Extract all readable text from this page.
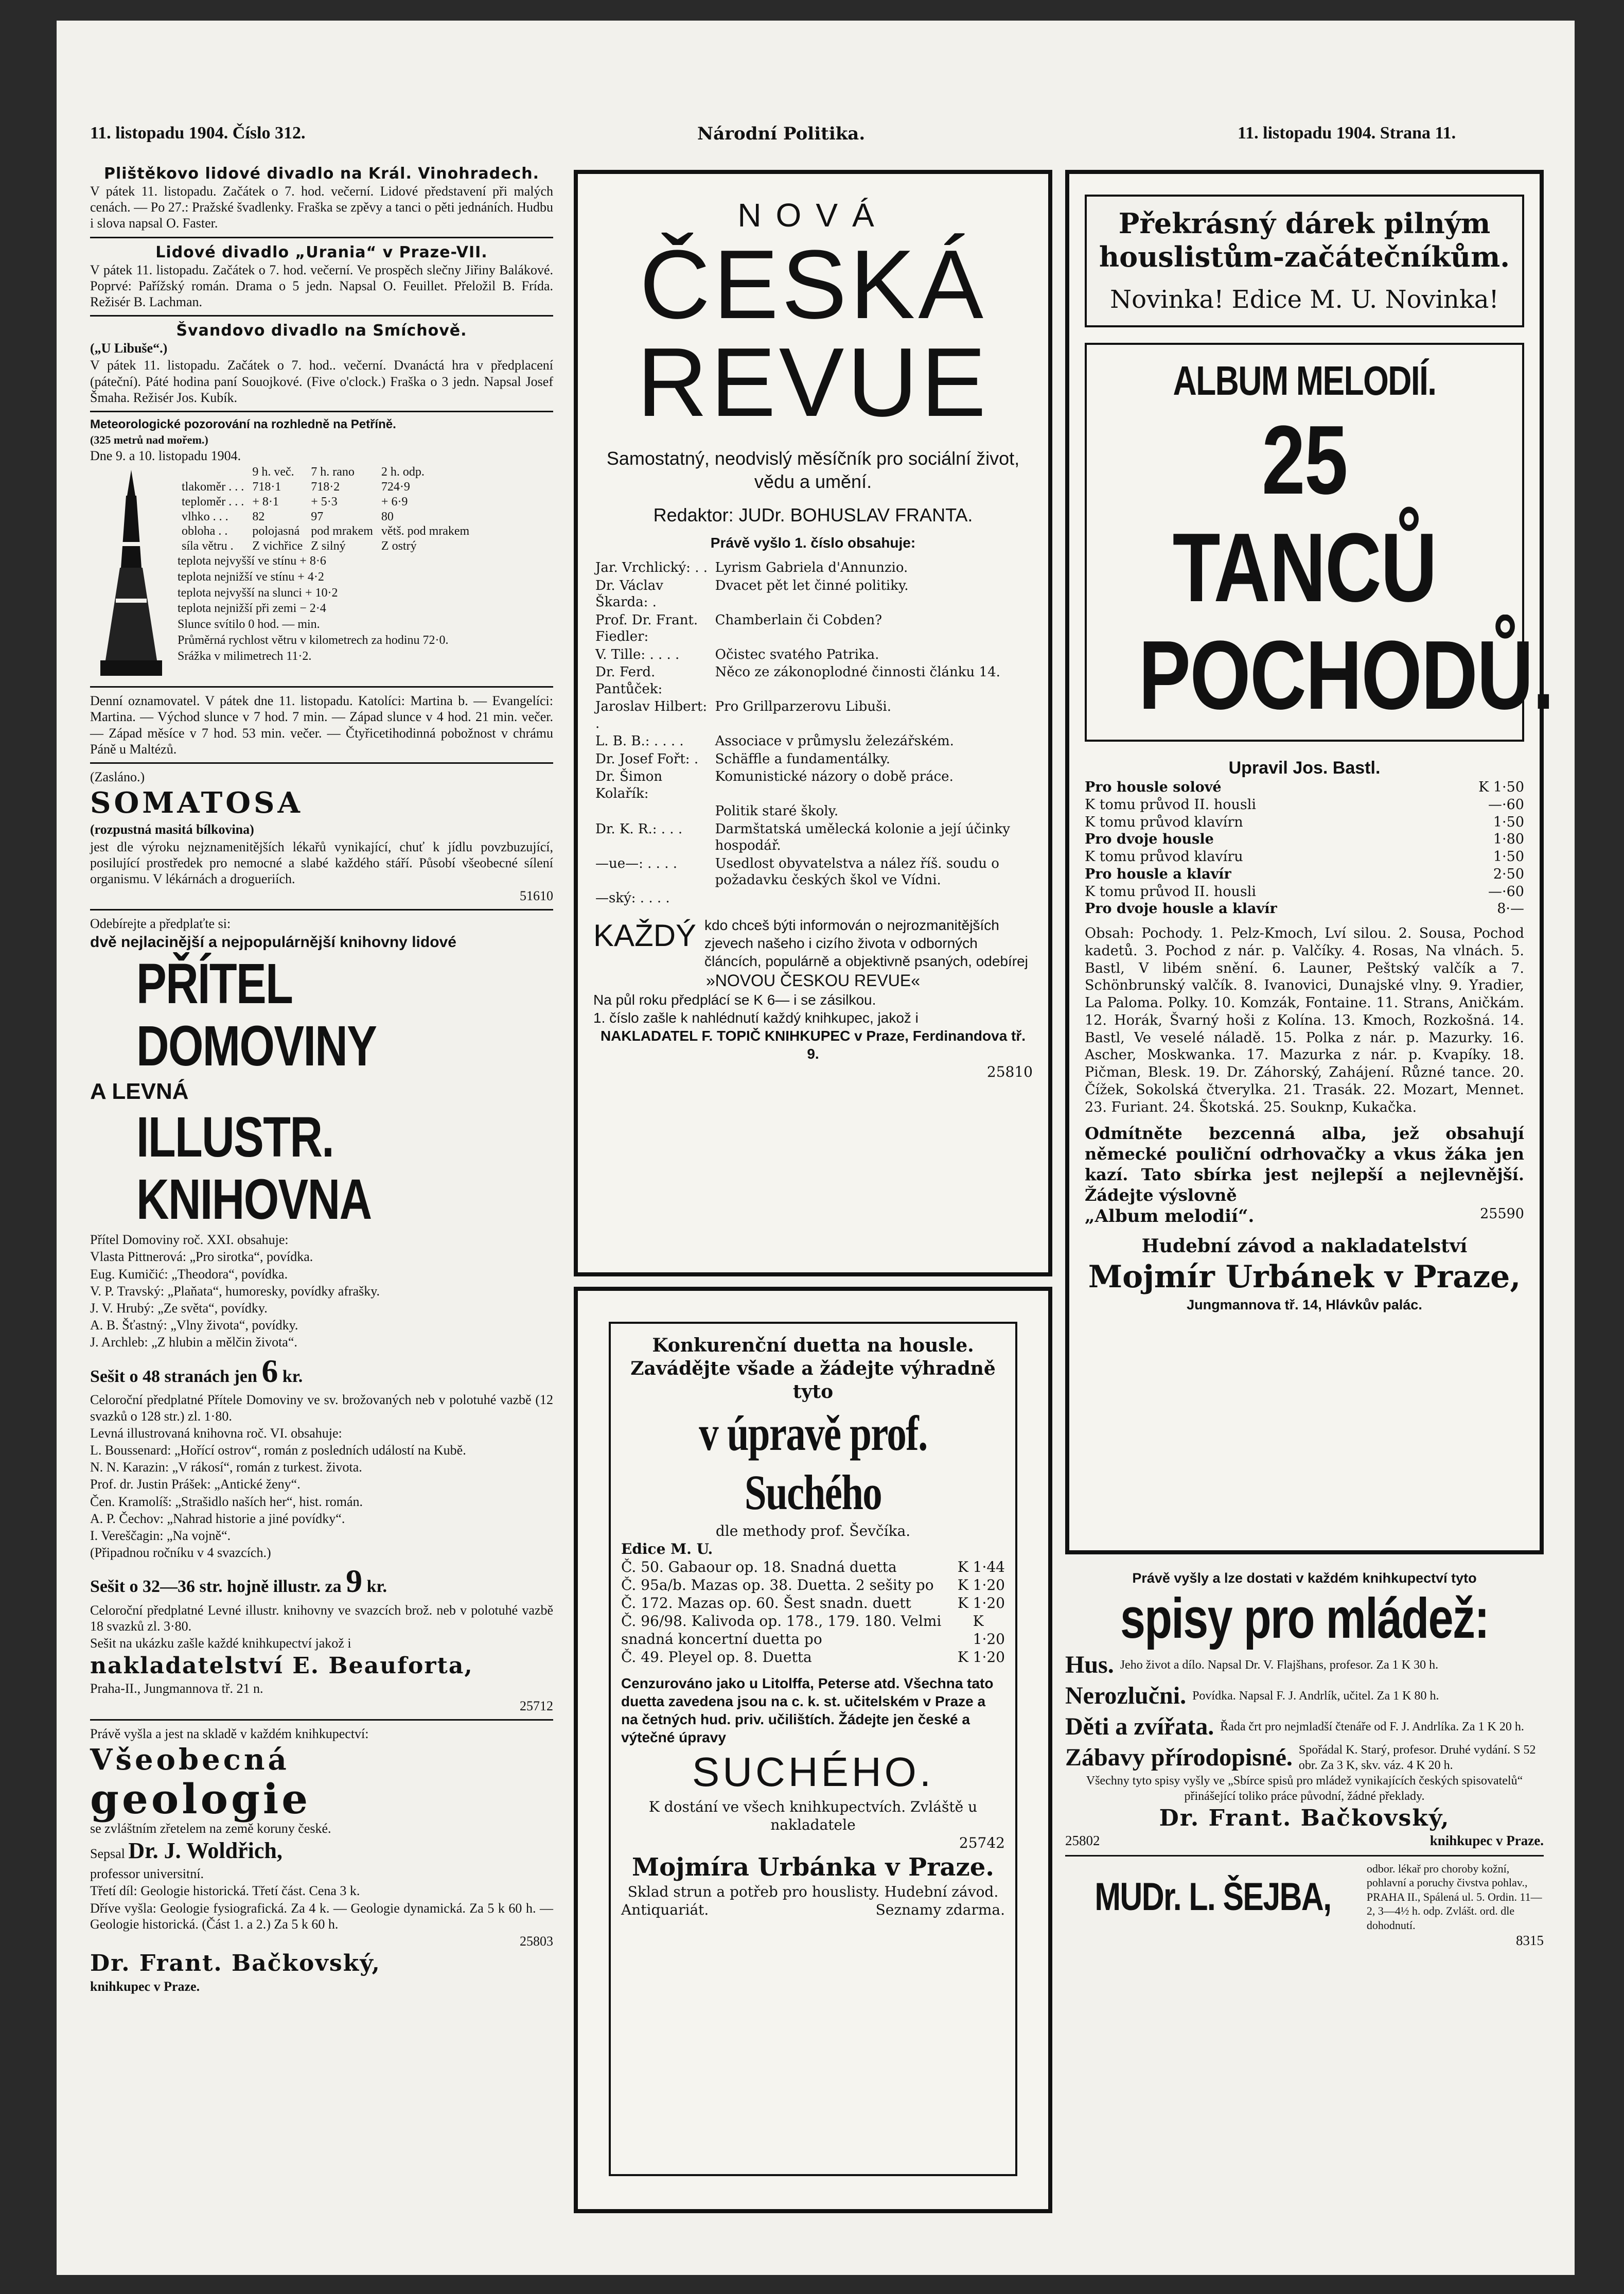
11. listopadu 1904. Číslo 312.	Národní Politika.	11. listopadu 1904. Strana 11.
Plištěkovo lidové divadlo na Král. Vinohradech.

V pátek 11. listopadu. Začátek o 7. hod. večerní. Lidové představení při malých cenách. — Po 27.: Pražské švadlenky. Fraška se zpěvy a tanci o pěti jednáních. Hudbu i slova napsal O. Faster.

Lidové divadlo „Urania“ v Praze-VII.

V pátek 11. listopadu. Začátek o 7. hod. večerní. Ve prospěch slečny Jiřiny Balákové. Poprvé: Pařížský román. Drama o 5 jedn. Napsal O. Feuillet. Přeložil B. Frída. Režisér B. Lachman.

Švandovo divadlo na Smíchově.

(„U Libuše“.)

V pátek 11. listopadu. Začátek o 7. hod.. večerní. Dvanáctá hra v předplacení (páteční). Páté hodina paní Souojkové. (Five o'clock.) Fraška o 3 jedn. Napsal Josef Šmaha. Režisér Jos. Kubík.

Meteorologické pozorování na rozhledně na Petříně.

(325 metrů nad mořem.)

Dne 9. a 10. listopadu 1904.

	9 h. več.	7 h. rano	2 h. odp.
tlakoměr . . .	718·1	718·2	724·9
teploměr . . .	+ 8·1	+ 5·3	+ 6·9
vlhko . . .	82	97	80
obloha . .	polojasná	pod mrakem	větš. pod mrakem
síla větru .	Z vichřice	Z silný	Z ostrý

teplota nejvyšší ve stínu + 8·6

teplota nejnižší ve stínu + 4·2

teplota nejvyšší na slunci + 10·2

teplota nejnižší při zemi − 2·4

Slunce svítilo 0 hod. — min.

Průměrná rychlost větru v kilometrech za hodinu 72·0.

Srážka v milimetrech 11·2.

Denní oznamovatel. V pátek dne 11. listopadu. Katolíci: Martina b. — Evangelíci: Martina. — Východ slunce v 7 hod. 7 min. — Západ slunce v 4 hod. 21 min. večer. — Západ měsíce v 7 hod. 53 min. večer. — Čtyřicetihodinná pobožnost v chrámu Páně u Maltézů.

(Zasláno.)

SOMATOSA

(rozpustná masitá bílkovina)

jest dle výroku nejznamenitějších lékařů vynikající, chuť k jídlu povzbuzující, posilující prostředek pro nemocné a slabé každého stáří. Působí všeobecné sílení organismu. V lékárnách a drogueriích.

51610

Odebírejte a předplaťte si:

dvě nejlacinější a nejpopulárnější knihovny lidové

PŘÍTEL DOMOVINY

A LEVNÁ

ILLUSTR. KNIHOVNA

Přítel Domoviny roč. XXI. obsahuje:

Vlasta Pittnerová: „Pro sirotka“, povídka.

Eug. Kumičić: „Theodora“, povídka.

V. P. Travský: „Plaňata“, humoresky, povídky afrašky.

J. V. Hrubý: „Ze světa“, povídky.

A. B. Šťastný: „Vlny života“, povídky.

J. Archleb: „Z hlubin a mělčin života“.

Sešit o 48 stranách jen 6 kr.

Celoroční předplatné Přítele Domoviny ve sv. brožovaných neb v polotuhé vazbě (12 svazků o 128 str.) zl. 1·80.

Levná illustrovaná knihovna roč. VI. obsahuje:

L. Boussenard: „Hořící ostrov“, román z posledních událostí na Kubě.

N. N. Karazin: „V rákosí“, román z turkest. života.

Prof. dr. Justin Prášek: „Antické ženy“.

Čen. Kramolíš: „Strašidlo naších her“, hist. román.

A. P. Čechov: „Nahrad historie a jiné povídky“.

I. Vereščagin: „Na vojně“.

(Připadnou ročníku v 4 svazcích.)

Sešit o 32—36 str. hojně illustr. za 9 kr.

Celoroční předplatné Levné illustr. knihovny ve svazcích brož. neb v polotuhé vazbě 18 svazků zl. 3·80.

Sešit na ukázku zašle každé knihkupectví jakož i

nakladatelství E. Beauforta,

Praha-II., Jungmannova tř. 21 n.

25712

Právě vyšla a jest na skladě v každém knihkupectví:

Všeobecná

geologie

se zvláštním zřetelem na země koruny české.

Sepsal Dr. J. Woldřich,

professor universitní.

Třetí díl: Geologie historická. Třetí část. Cena 3 k.

Dříve vyšla: Geologie fysiografická. Za 4 k. — Geologie dynamická. Za 5 k 60 h. — Geologie historická. (Část 1. a 2.) Za 5 k 60 h.

25803

Dr. Frant. Bačkovský,

knihkupec v Praze.

NOVÁ

ČESKÁ

REVUE

Samostatný, neodvislý měsíčník pro sociální život, vědu a umění.

Redaktor: JUDr. BOHUSLAV FRANTA.

Právě vyšlo 1. číslo obsahuje:

Jar. Vrchlický: . .	Lyrism Gabriela d'Annunzio.
Dr. Václav Škarda: .	Dvacet pět let činné politiky.
Prof. Dr. Frant. Fiedler:	Chamberlain či Cobden?
V. Tille: . . . .	Očistec svatého Patrika.
Dr. Ferd. Pantůček:	Něco ze zákonoplodné činnosti článku 14.
Jaroslav Hilbert: .	Pro Grillparzerovu Libuši.
L. B. B.: . . . .	Associace v průmyslu železářském.
Dr. Josef Fořt: .	Schäffle a fundamentálky.
Dr. Šimon Kolařík:	Komunistické názory o době práce.
	Politik staré školy.
Dr. K. R.: . . .	Darmštatská umělecká kolonie a její účinky hospodář.
—ue—: . . . .	Usedlost obyvatelstva a nález říš. soudu o požadavku českých škol ve Vídni.
—ský: . . . .	
KAŽDÝ kdo chceš býti informován o nejrozmanitějších zjevech našeho i cizího života v odborných článcích, populárně a objektivně psaných, odebírej

»NOVOU ČESKOU REVUE«

Na půl roku předplácí se K 6— i se zásilkou.

1. číslo zašle k nahlédnutí každý knihkupec, jakož i

NAKLADATEL F. TOPIČ KNIHKUPEC v Praze, Ferdinandova tř. 9.

25810

Konkurenční duetta na housle. Zavádějte všade a žádejte výhradně tyto

v úpravě prof. Suchého

dle methody prof. Ševčíka.

Edice M. U.

Č. 50. Gabaour op. 18. Snadná duetta	K 1·44
Č. 95a/b. Mazas op. 38. Duetta. 2 sešity po K 1·20
Č. 172. Mazas op. 60. Šest snadn. duett	K 1·20
Č. 96/98. Kalivoda op. 178., 179. 180. Velmi snadná koncertní duetta po
K 1·20
Č. 49. Pleyel op. 8. Duetta	K 1·20

Cenzurováno jako u Litolffa, Peterse atd. Všechna tato duetta zavedena jsou na c. k. st. učitelském v Praze a na četných hud. priv. učilištích. Žádejte jen české a výtečné úpravy

SUCHÉHO.

K dostání ve všech knihkupectvích. Zvláště u nakladatele

25742

Mojmíra Urbánka v Praze.

Sklad strun a potřeb pro houslisty. Hudební závod.

Antiquariát.	Seznamy zdarma.

Překrásný dárek pilným houslistům-začátečníkům.

Novinka! Edice M. U. Novinka!

ALBUM MELODIÍ.

25 TANCŮ

POCHODŮ.

Upravil Jos. Bastl.

Pro housle solové	K 1·50
K tomu průvod II. housli	—·60
K tomu průvod klavírn	1·50
Pro dvoje housle	1·80
K tomu průvod klavíru	1·50
Pro housle a klavír	2·50
K tomu průvod II. housli	—·60
Pro dvoje housle a klavír	8·—

Obsah: Pochody. 1. Pelz-Kmoch, Lví silou. 2. Sousa, Pochod kadetů. 3. Pochod z nár. p. Valčíky. 4. Rosas, Na vlnách. 5. Bastl, V libém snění. 6. Launer, Peštský valčík a 7. Schönbrunský valčík. 8. Ivanovici, Dunajské vlny. 9. Yradier, La Paloma. Polky. 10. Komzák, Fontaine. 11. Strans, Aničkám. 12. Horák, Švarný hoši z Kolína. 13. Kmoch, Rozkošná. 14. Bastl, Ve veselé náladě. 15. Polka z nár. p. Mazurky. 16. Ascher, Moskwanka. 17. Mazurka z nár. p. Kvapíky. 18. Pičman, Blesk. 19. Dr. Záhorský, Zahájení. Různé tance. 20. Čížek, Sokolská čtverylka. 21. Trasák. 22. Mozart, Mennet. 23. Furiant. 24. Škotská. 25. Souknp, Kukačka.

Odmítněte bezcenná alba, jež obsahují německé pouliční odrhovačky a vkus žáka jen kazí. Tato sbírka jest nejlepší a nejlevnější. Žádejte výslovně

„Album melodií“.	25590

Hudební závod a nakladatelství

Mojmír Urbánek v Praze,

Jungmannova tř. 14, Hlávkův palác.

Právě vyšly a lze dostati v každém knihkupectví tyto

spisy pro mládež:

Hus. Jeho život a dílo. Napsal Dr. V. Flajšhans, profesor. Za 1 K 30 h.
Nerozlučni. Povídka. Napsal F. J. Andrlík, učitel. Za 1 K 80 h.
Děti a zvířata. Řada črt pro nejmladší čtenáře od F. J. Andrlíka. Za 1 K 20 h.
Zábavy přírodopisné. Spořádal K. Starý, profesor. Druhé vydání. S 52 obr. Za 3 K, skv. váz. 4 K 20 h.

Všechny tyto spisy vyšly ve „Sbírce spisů pro mládež vynikajících českých spisovatelů“ přinášející toliko práce původní, žádné překlady.

Dr. Frant. Bačkovský,

25802	knihkupec v Praze.
MUDr. L. ŠEJBA,
odbor. lékař pro choroby kožní, pohlavní a poruchy čivstva pohlav., PRAHA II., Spálená ul. 5. Ordin. 11—2, 3—4½ h. odp. Zvlášt. ord. dle dohodnutí.

8315
